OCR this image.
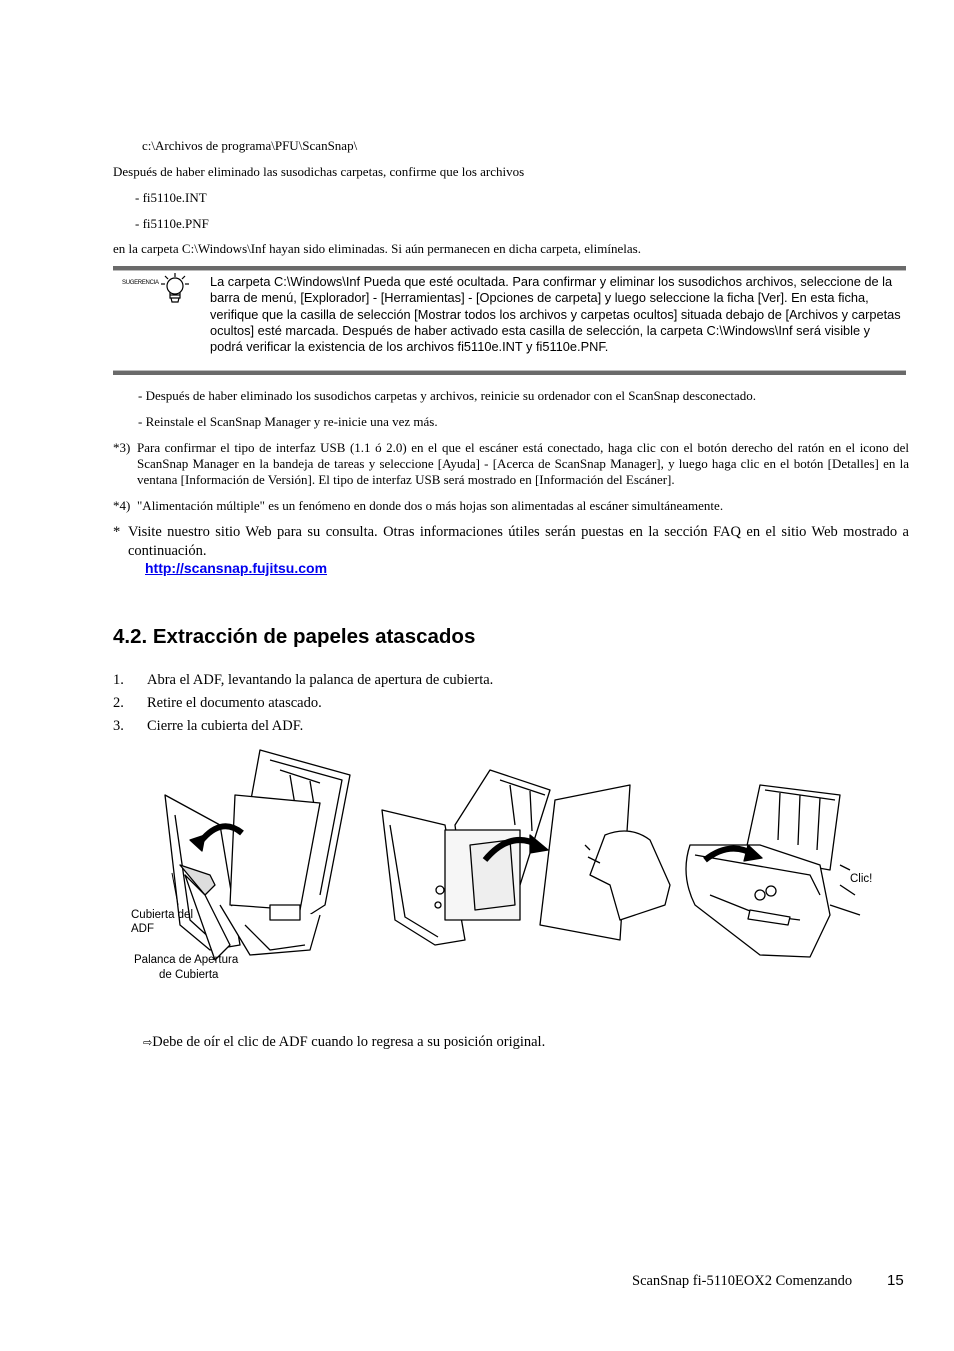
c:\Archivos de programa\PFU\ScanSnap\
Después de haber eliminado las susodichas carpetas, confirme que los archivos
- fi5110e.INT
- fi5110e.PNF
en la carpeta C:\Windows\Inf hayan sido eliminadas. Si aún permanecen en dicha carpeta, elimínelas.
SUGERENCIA	La carpeta C:\Windows\Inf Pueda que esté ocultada. Para confirmar y eliminar los susodichos archivos, seleccione de la barra de menú, [Explorador] - [Herramientas] - [Opciones de carpeta] y luego seleccione la ficha [Ver]. En esta ficha, verifique que la casilla de selección [Mostrar todos los archivos y carpetas ocultos] situada debajo de [Archivos y carpetas ocultos] esté marcada. Después de haber activado esta casilla de selección, la carpeta C:\Windows\Inf será visible y podrá verificar la existencia de los archivos fi5110e.INT y fi5110e.PNF.
- Después de haber eliminado los susodichos carpetas y archivos, reinicie su ordenador con el ScanSnap desconectado.
- Reinstale el ScanSnap Manager y re-inicie una vez más.
*3) Para confirmar el tipo de interfaz USB (1.1 ó 2.0) en el que el escáner está conectado, haga clic con el botón derecho del ratón en el icono del ScanSnap Manager en la bandeja de tareas y seleccione [Ayuda] - [Acerca de ScanSnap Manager], y luego haga clic en el botón [Detalles] en la ventana [Información de Versión]. El tipo de interfaz USB será mostrado en [Información del Escáner].
*4) "Alimentación múltiple" es un fenómeno en donde dos o más hojas son alimentadas al escáner simultáneamente.
* Visite nuestro sitio Web para su consulta. Otras informaciones útiles serán puestas en la sección FAQ en el sitio Web mostrado a continuación.
http://scansnap.fujitsu.com
4.2. Extracción de papeles atascados
1. Abra el ADF, levantando la palanca de apertura de cubierta.
2. Retire el documento atascado.
3. Cierre la cubierta del ADF.
Cubierta del
ADF
Palanca de Apertura
de Cubierta
Clic!
⇨Debe de oír el clic de ADF cuando lo regresa a su posición original.
ScanSnap fi-5110EOX2 Comenzando 15
